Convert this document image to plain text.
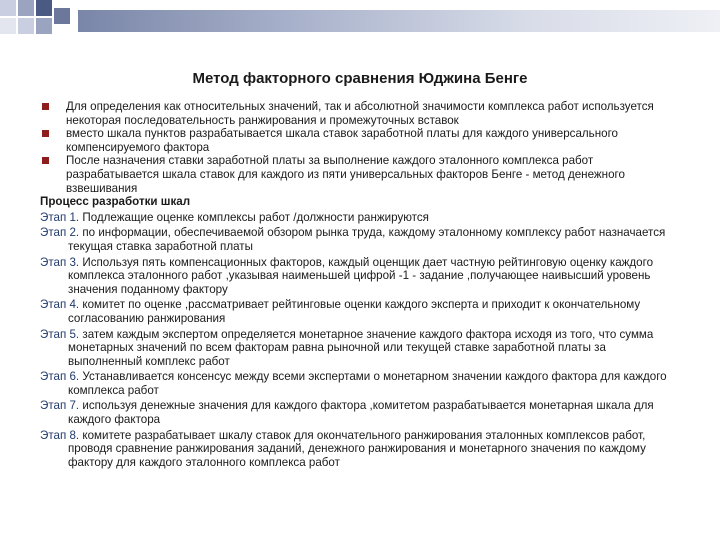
Метод факторного сравнения Юджина Бенге
Для определения как относительных значений, так и абсолютной значимости комплекса работ используется некоторая последовательность ранжирования и промежуточных вставок
вместо шкала пунктов разрабатывается шкала ставок заработной платы для каждого универсального компенсируемого фактора
После назначения ставки заработной платы за выполнение каждого эталонного комплекса работ разрабатывается шкала ставок для каждого из пяти универсальных факторов Бенге - метод денежного взвешивания
Процесс разработки шкал
Этап 1. Подлежащие оценке комплексы работ /должности ранжируются
Этап 2. по информации, обеспечиваемой обзором рынка труда, каждому эталонному комплексу работ назначается текущая ставка заработной платы
Этап 3. Используя пять компенсационных факторов, каждый оценщик дает частную рейтинговую оценку каждого комплекса эталонного работ ,указывая наименьшей цифрой -1 - задание ,получающее наивысший уровень значения поданному фактору
Этап 4. комитет по оценке ,рассматривает рейтинговые оценки каждого эксперта и приходит к окончательному согласованию ранжирования
Этап 5. затем каждым экспертом определяется монетарное значение каждого фактора исходя из того, что сумма монетарных значений по всем факторам равна рыночной или текущей ставке заработной платы за выполненный комплекс работ
Этап 6. Устанавливается консенсус между всеми экспертами о монетарном значении каждого фактора для каждого комплекса работ
Этап 7. используя денежные значения для каждого фактора ,комитетом разрабатывается монетарная шкала для каждого фактора
Этап 8. комитете разрабатывает шкалу ставок для окончательного ранжирования эталонных комплексов работ, проводя сравнение ранжирования заданий, денежного ранжирования и монетарного значения по каждому фактору для каждого эталонного комплекса работ
